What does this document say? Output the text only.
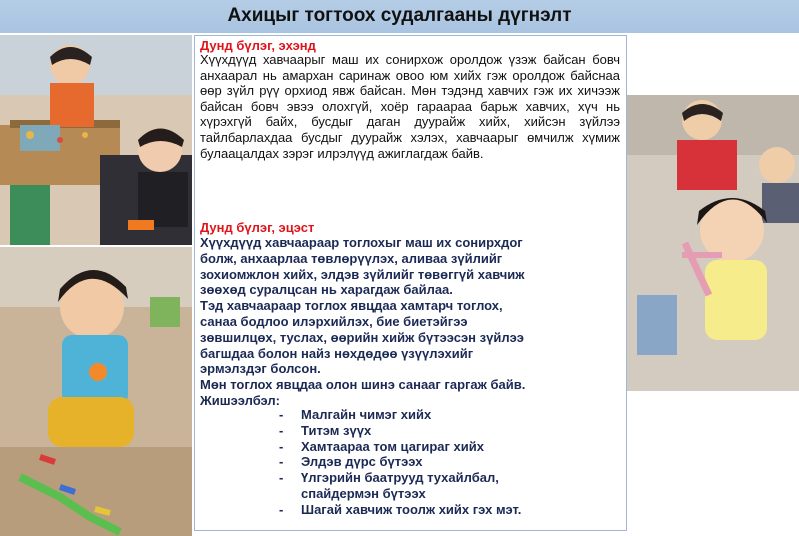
Ахицыг тогтоох судалгааны дүгнэлт
Дунд бүлэг, эхэнд
Хүүхдүүд хавчаарыг маш их сонирхож оролдож үзэж байсан бовч анхаарал нь амархан саринаж овоо юм хийх гэж оролдож байснаа өөр зүйл рүү орхиод явж байсан. Мөн тэдэнд хавчих гэж их хичээж байсан бовч эвээ олохгүй, хоёр гараараа барьж хавчих, хүч нь хүрэхгүй байх, бусдыг даган дуурайж хийх, хийсэн зүйлээ тайлбарлахдаа бусдыг дуурайж хэлэх, хавчаарыг өмчилж хүмиж булаацалдах зэрэг илрэлүүд ажиглагдаж байв.
Дунд бүлэг, эцэст
Хүүхдүүд хавчаараар тоглохыг маш их сонирхдог
болж, анхаарлаа төвлөрүүлэх, аливаа зүйлийг
зохиомжлон хийх, элдэв зүйлийг төвөггүй хавчиж
зөөхөд суралцсан нь харагдаж байлаа.
Тэд хавчаараар тоглох явцдаа хамтарч тоглох,
санаа бодлоо илэрхийлэх, бие биетэйгээ
зөвшилцөх, туслах, өөрийн хийж бүтээсэн зүйлээ
багшдаа болон найз нөхдөдөө үзүүлэхийг
эрмэлздэг болсон.
Мөн тоглох явцдаа олон шинэ санааг гаргаж байв.
Жишээлбэл:
- Малгайн чимэг хийх
- Титэм зүүх
- Хамтаараа том цагираг хийх
- Элдэв дүрс бүтээх
- Үлгэрийн баатрууд тухайлбал,
спайдермэн бүтээх
- Шагай хавчиж тоолж хийх гэх мэт.
